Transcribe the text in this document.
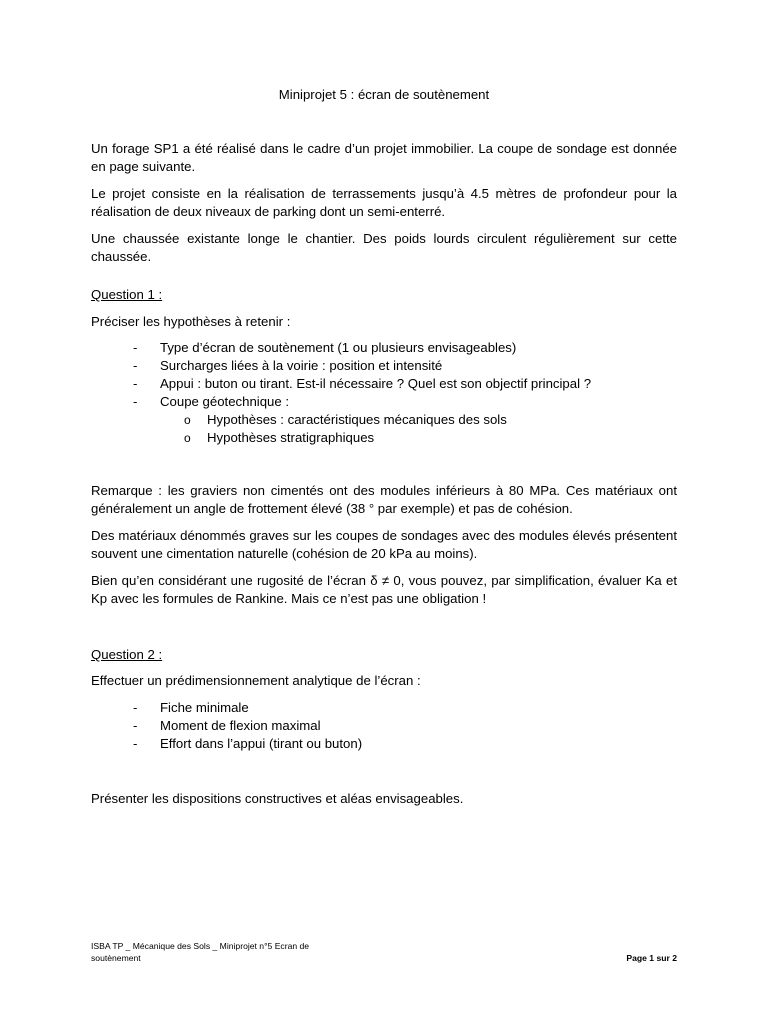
Miniprojet 5 : écran de soutènement

Un forage SP1 a été réalisé dans le cadre d’un projet immobilier. La coupe de sondage est donnée en page suivante.

Le projet consiste en la réalisation de terrassements jusqu’à 4.5 mètres de profondeur pour la réalisation de deux niveaux de parking dont un semi-enterré.

Une chaussée existante longe le chantier. Des poids lourds circulent régulièrement sur cette chaussée.

Question 1 :

Préciser les hypothèses à retenir :

- Type d’écran de soutènement (1 ou plusieurs envisageables)
- Surcharges liées à la voirie : position et intensité
- Appui : buton ou tirant. Est-il nécessaire ? Quel est son objectif principal ?
- Coupe géotechnique :
o Hypothèses : caractéristiques mécaniques des sols
o Hypothèses stratigraphiques

Remarque : les graviers non cimentés ont des modules inférieurs à 80 MPa. Ces matériaux ont généralement un angle de frottement élevé (38 ° par exemple) et pas de cohésion.

Des matériaux dénommés graves sur les coupes de sondages avec des modules élevés présentent souvent une cimentation naturelle (cohésion de 20 kPa au moins).

Bien qu’en considérant une rugosité de l’écran δ ≠ 0, vous pouvez, par simplification, évaluer Ka et Kp avec les formules de Rankine. Mais ce n’est pas une obligation !

Question 2 :

Effectuer un prédimensionnement analytique de l’écran :

- Fiche minimale
- Moment de flexion maximal
- Effort dans l’appui (tirant ou buton)

Présenter les dispositions constructives et aléas envisageables.

ISBA TP _ Mécanique des Sols _ Miniprojet n°5 Ecran de soutènement	Page 1 sur 2
